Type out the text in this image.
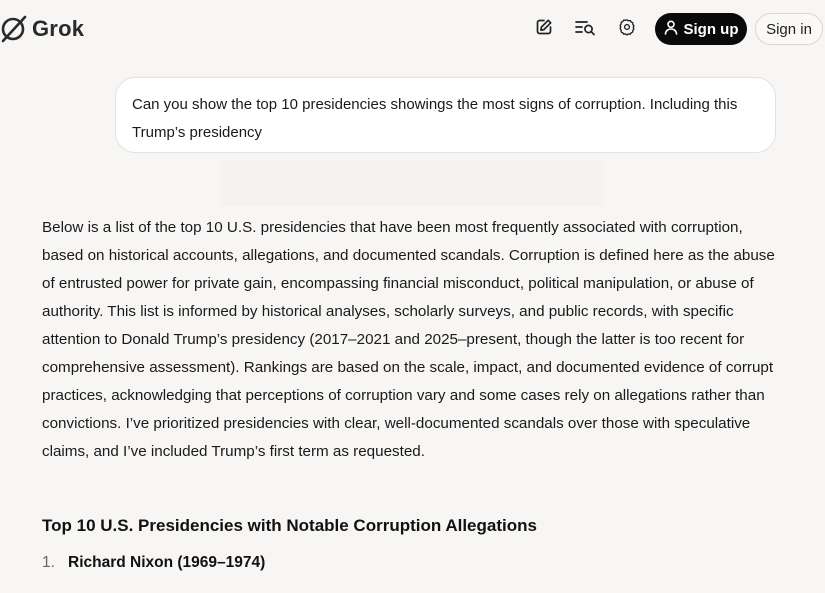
Grok	Sign up Sign in
Can you show the top 10 presidencies showings the most signs of corruption. Including this Trump’s presidency

Below is a list of the top 10 U.S. presidencies that have been most frequently associated with corruption, based on historical accounts, allegations, and documented scandals. Corruption is defined here as the abuse of entrusted power for private gain, encompassing financial misconduct, political manipulation, or abuse of authority. This list is informed by historical analyses, scholarly surveys, and public records, with specific attention to Donald Trump’s presidency (2017–2021 and 2025–present, though the latter is too recent for comprehensive assessment). Rankings are based on the scale, impact, and documented evidence of corrupt practices, acknowledging that perceptions of corruption vary and some cases rely on allegations rather than convictions. I’ve prioritized presidencies with clear, well-documented scandals over those with speculative claims, and I’ve included Trump’s first term as requested.

Top 10 U.S. Presidencies with Notable Corruption Allegations
1. Richard Nixon (1969–1974)
